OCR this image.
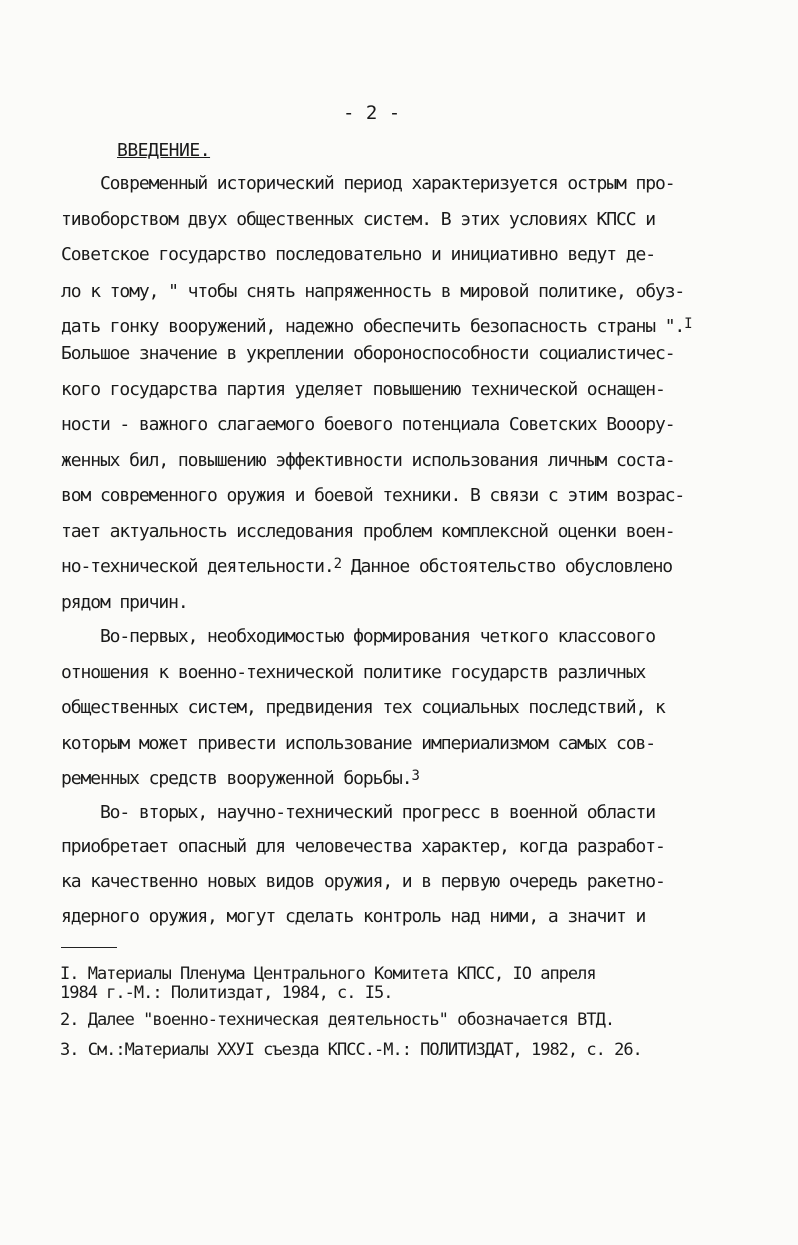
- 2 -
ВВЕДЕНИЕ.
Современный исторический период характеризуется острым про-
тивоборством двух общественных систем. В этих условиях КПСС и
Советское государство последовательно и инициативно ведут де-
ло к тому, " чтобы снять напряженность в мировой политике, обуз-
дать гонку вооружений, надежно обеспечить безопасность страны ".$^I$
Большое значение в укреплении обороноспособности социалистичес-
кого государства партия уделяет повышению технической оснащен-
ности - важного слагаемого боевого потенциала Советских Вооору-
женных бил, повышению эффективности использования личным соста-
вом современного оружия и боевой техники. В связи с этим возрас-
тает актуальность исследования проблем комплексной оценки воен-
но-технической деятельности.$^2$ Данное обстоятельство обусловлено
рядом причин.
Во-первых, необходимостью формирования четкого классового
отношения к военно-технической политике государств различных
общественных систем, предвидения тех социальных последствий, к
которым может привести использование империализмом самых сов-
ременных средств вооруженной борьбы.$^3$
Во- вторых, научно-технический прогресс в военной области
приобретает опасный для человечества характер, когда разработ-
ка качественно новых видов оружия, и в первую очередь ракетно-
ядерного оружия, могут сделать контроль над ними, а значит и
I. Материалы Пленума Центрального Комитета КПСС, IO апреля
1984 г.-М.: Политиздат, 1984, с. I5.
2. Далее "военно-техническая деятельность" обозначается ВТД.
3. См.:Материалы XXУI съезда КПСС.-М.: ПОЛИТИЗДАТ, 1982, с. 26.
